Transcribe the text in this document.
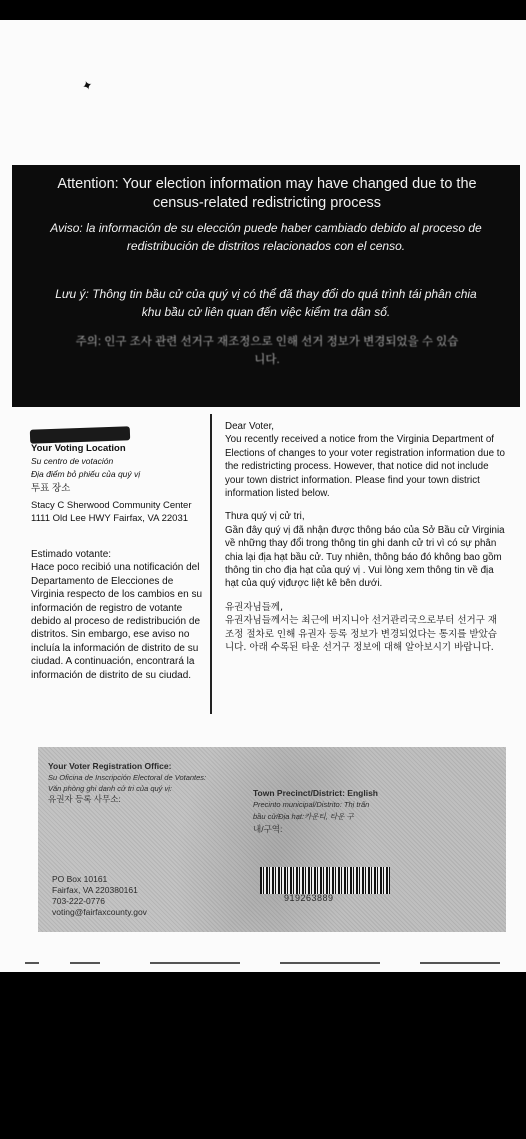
✦
Attention: Your election information may have changed due to the census-related redistricting process
Aviso: la información de su elección puede haber cambiado debido al proceso de redistribución de distritos relacionados con el censo.
Lưu ý: Thông tin bầu cử của quý vị có thể đã thay đổi do quá trình tái phân chia khu bầu cử liên quan đến việc kiểm tra dân số.
주의: 인구 조사 관련 선거구 재조정으로 인해 선거 정보가 변경되었을 수 있습니다.
Your Voting Location
Su centro de votación
Địa điểm bỏ phiếu của quý vị
투표 장소
Stacy C Sherwood Community Center
1111 Old Lee HWY Fairfax, VA 22031

Dear Voter,
You recently received a notice from the Virginia Department of Elections of changes to your voter registration information due to the redistricting process. However, that notice did not include your town district information. Please find your town district information listed below.

Thưa quý vị cử tri,
Gần đây quý vị đã nhận được thông báo của Sở Bầu cử Virginia về những thay đổi trong thông tin ghi danh cử tri vì có sự phân chia lại địa hạt bầu cử. Tuy nhiên, thông báo đó không bao gồm thông tin cho địa hạt của quý vị . Vui lòng xem thông tin về địa hạt của quý vịđược liệt kê bên dưới.

유권자님들께,
유권자님들께서는 최근에 버지니아 선거관리국으로부터 선거구 재조정 절차로 인해 유권자 등록 정보가 변경되었다는 통지를 받았습니다. 아래 수록된 타운 선거구 정보에 대해 알아보시기 바랍니다.

Estimado votante:
Hace poco recibió una notificación del Departamento de Elecciones de Virginia respecto de los cambios en su información de registro de votante debido al proceso de redistribución de distritos. Sin embargo, ese aviso no incluía la información de distrito de su ciudad. A continuación, encontrará la información de distrito de su ciudad.
Your Voter Registration Office:
Su Oficina de Inscripción Electoral de Votantes:
Văn phòng ghi danh cử tri của quý vị:
유권자 등록 사무소:
PO Box 10161
Fairfax, VA 220380161
703-222-0776
voting@fairfaxcounty.gov
Town Precinct/District: English
Precinto municipal/Distrito: Thị trấn
bầu cử/Địa hạt:카운티, 타운 구
내/구역:
919263889
